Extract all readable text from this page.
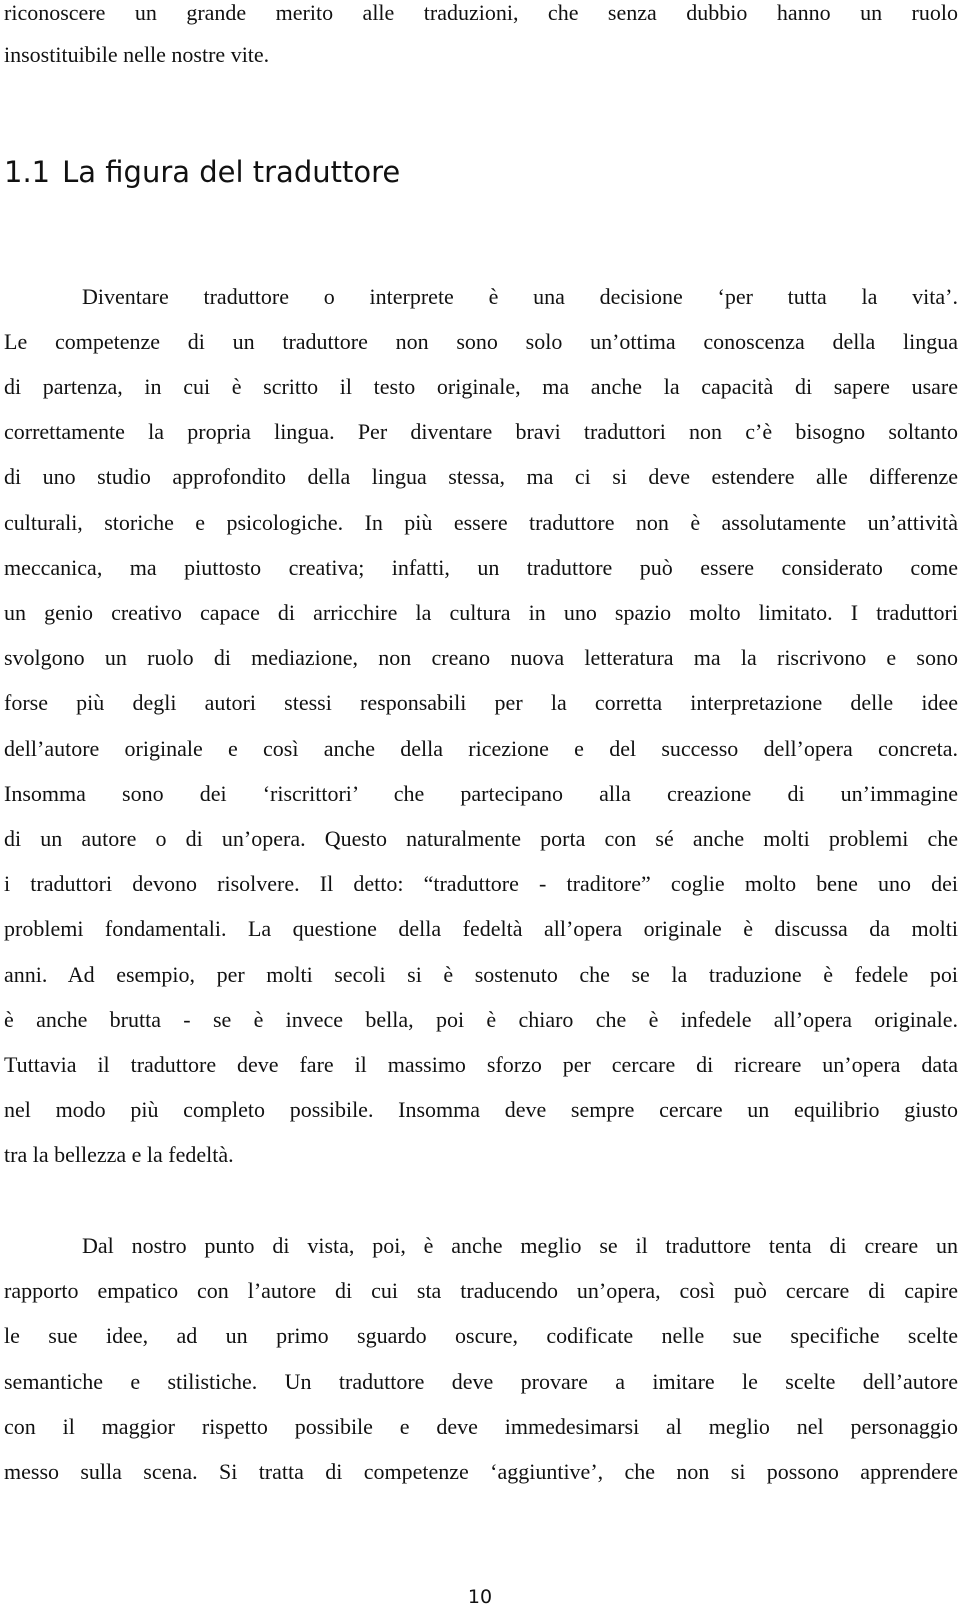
riconoscere un grande merito alle traduzioni, che senza dubbio hanno un ruolo
insostituibile nelle nostre vite.
1.1 La figura del traduttore
Diventare traduttore o interprete è una decisione ‘per tutta la vita’.
Le competenze di un traduttore non sono solo un’ottima conoscenza della lingua
di partenza, in cui è scritto il testo originale, ma anche la capacità di sapere usare
correttamente la propria lingua. Per diventare bravi traduttori non c’è bisogno soltanto
di uno studio approfondito della lingua stessa, ma ci si deve estendere alle differenze
culturali, storiche e psicologiche. In più essere traduttore non è assolutamente un’attività
meccanica, ma piuttosto creativa; infatti, un traduttore può essere considerato come
un genio creativo capace di arricchire la cultura in uno spazio molto limitato. I traduttori
svolgono un ruolo di mediazione, non creano nuova letteratura ma la riscrivono e sono
forse più degli autori stessi responsabili per la corretta interpretazione delle idee
dell’autore originale e così anche della ricezione e del successo dell’opera concreta.
Insomma sono dei ‘riscrittori’ che partecipano alla creazione di un’immagine
di un autore o di un’opera. Questo naturalmente porta con sé anche molti problemi che
i traduttori devono risolvere. Il detto: “traduttore - traditore” coglie molto bene uno dei
problemi fondamentali. La questione della fedeltà all’opera originale è discussa da molti
anni. Ad esempio, per molti secoli si è sostenuto che se la traduzione è fedele poi
è anche brutta - se è invece bella, poi è chiaro che è infedele all’opera originale.
Tuttavia il traduttore deve fare il massimo sforzo per cercare di ricreare un’opera data
nel modo più completo possibile. Insomma deve sempre cercare un equilibrio giusto
tra la bellezza e la fedeltà.
Dal nostro punto di vista, poi, è anche meglio se il traduttore tenta di creare un
rapporto empatico con l’autore di cui sta traducendo un’opera, così può cercare di capire
le sue idee, ad un primo sguardo oscure, codificate nelle sue specifiche scelte
semantiche e stilistiche. Un traduttore deve provare a imitare le scelte dell’autore
con il maggior rispetto possibile e deve immedesimarsi al meglio nel personaggio
messo sulla scena. Si tratta di competenze ‘aggiuntive’, che non si possono apprendere
10
